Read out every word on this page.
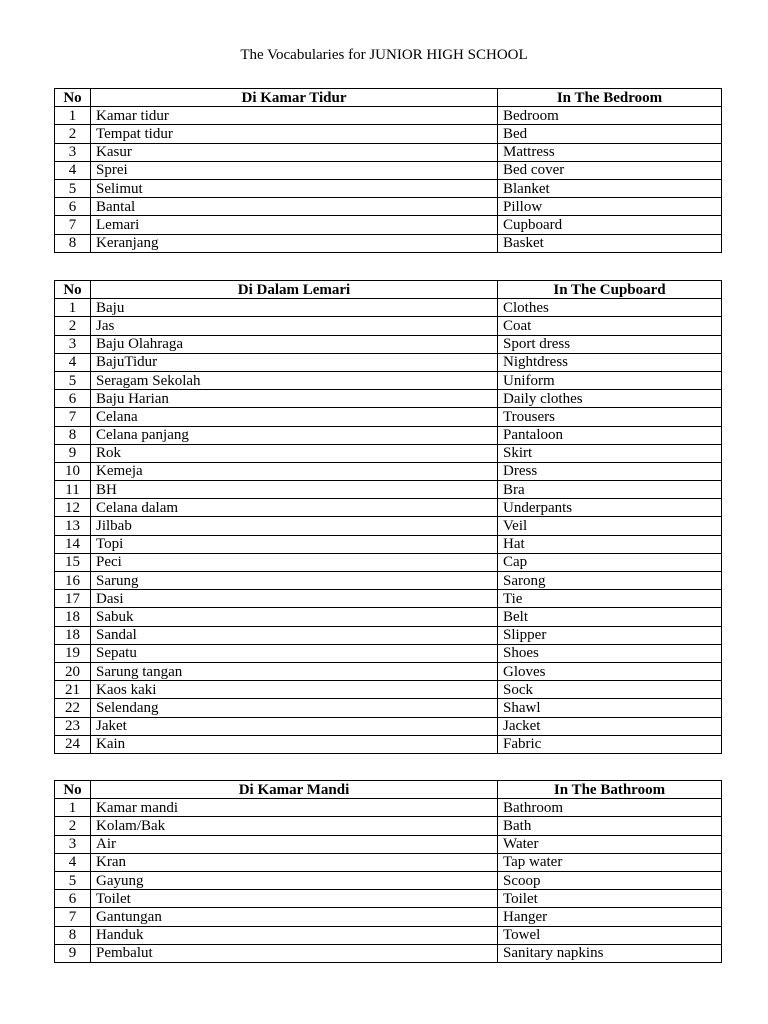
The Vocabularies for JUNIOR HIGH SCHOOL
No	Di Kamar Tidur	In The Bedroom
1	Kamar tidur	Bedroom
2	Tempat tidur	Bed
3	Kasur	Mattress
4	Sprei	Bed cover
5	Selimut	Blanket
6	Bantal	Pillow
7	Lemari	Cupboard
8	Keranjang	Basket
No	Di Dalam Lemari	In The Cupboard
1	Baju	Clothes
2	Jas	Coat
3	Baju Olahraga	Sport dress
4	BajuTidur	Nightdress
5	Seragam Sekolah	Uniform
6	Baju Harian	Daily clothes
7	Celana	Trousers
8	Celana panjang	Pantaloon
9	Rok	Skirt
10	Kemeja	Dress
11	BH	Bra
12	Celana dalam	Underpants
13	Jilbab	Veil
14	Topi	Hat
15	Peci	Cap
16	Sarung	Sarong
17	Dasi	Tie
18	Sabuk	Belt
18	Sandal	Slipper
19	Sepatu	Shoes
20	Sarung tangan	Gloves
21	Kaos kaki	Sock
22	Selendang	Shawl
23	Jaket	Jacket
24	Kain	Fabric
No	Di Kamar Mandi	In The Bathroom
1	Kamar mandi	Bathroom
2	Kolam/Bak	Bath
3	Air	Water
4	Kran	Tap water
5	Gayung	Scoop
6	Toilet	Toilet
7	Gantungan	Hanger
8	Handuk	Towel
9	Pembalut	Sanitary napkins
